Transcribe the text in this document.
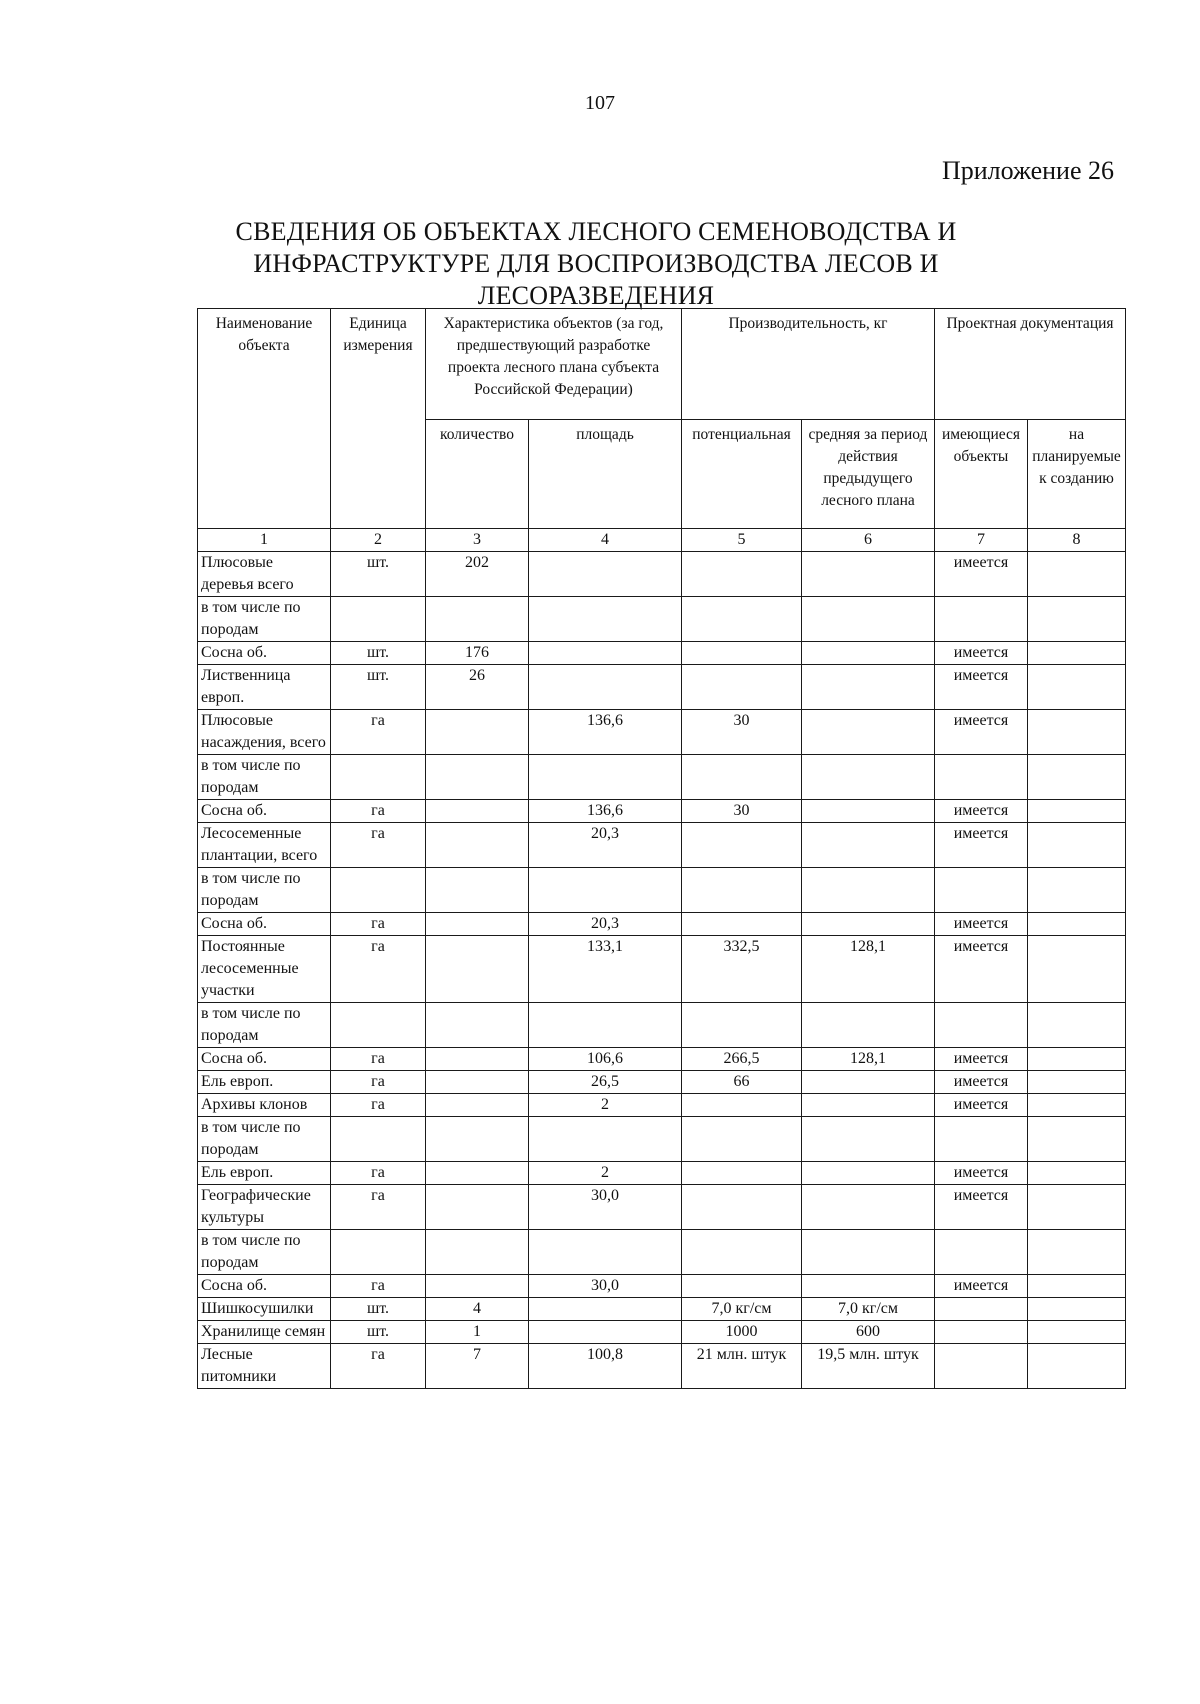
107
Приложение 26
СВЕДЕНИЯ ОБ ОБЪЕКТАХ ЛЕСНОГО СЕМЕНОВОДСТВА И
ИНФРАСТРУКТУРЕ ДЛЯ ВОСПРОИЗВОДСТВА ЛЕСОВ И
ЛЕСОРАЗВЕДЕНИЯ
Наименование объекта	Единица измерения	Характеристика объектов (за год, предшествующий разработке проекта лесного плана субъекта Российской Федерации)		Производительность, кг		Проектная документация	
		количество	площадь	потенциальная	средняя за период действия предыдущего лесного плана	имеющиеся объекты	на планируемые к созданию
1	2	3	4	5	6	7	8
Плюсовые деревья всего	шт.	202				имеется	
в том числе по породам							
Сосна об.	шт.	176				имеется	
Лиственница европ.	шт.	26				имеется	
Плюсовые насаждения, всего	га		136,6	30		имеется	
в том числе по породам							
Сосна об.	га		136,6	30		имеется	
Лесосеменные плантации, всего	га		20,3			имеется	
в том числе по породам							
Сосна об.	га		20,3			имеется	
Постоянные лесосеменные участки	га		133,1	332,5	128,1	имеется	
в том числе по породам							
Сосна об.	га		106,6	266,5	128,1	имеется	
Ель европ.	га		26,5	66		имеется	
Архивы клонов	га		2			имеется	
в том числе по породам							
Ель европ.	га		2			имеется	
Географические культуры	га		30,0			имеется	
в том числе по породам							
Сосна об.	га		30,0			имеется	
Шишкосушилки	шт.	4		7,0 кг/см	7,0 кг/см		
Хранилище семян	шт.	1		1000	600		
Лесные питомники	га	7	100,8	21 млн. штук	19,5 млн. штук		
